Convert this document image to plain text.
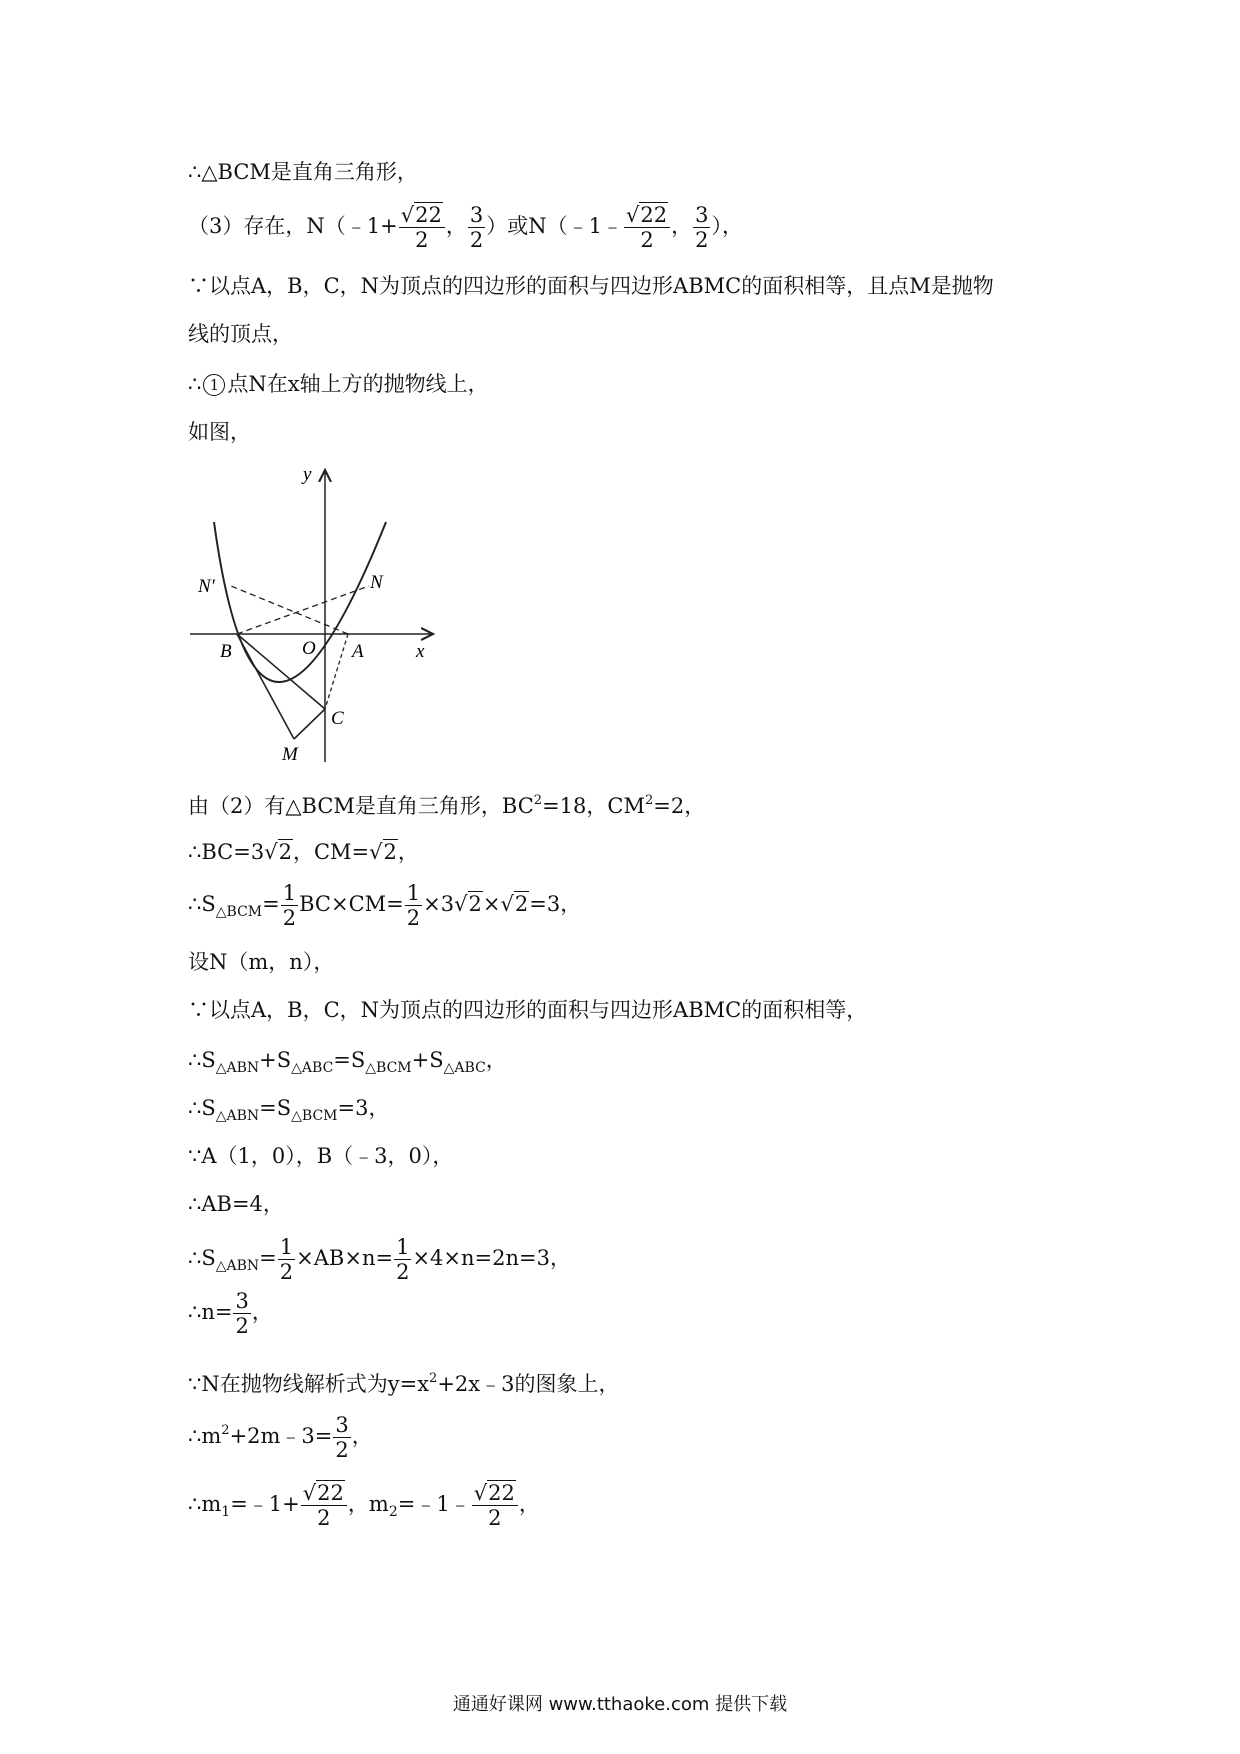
∴△BCM是直角三角形，
（3）存在，N（﹣1+ $\frac{√22}{2}$ ， $\frac{3}{2}$ ）或N（﹣1﹣ $\frac{√22}{2}$ ， $\frac{3}{2}$ ），
∵以点A，B，C，N为顶点的四边形的面积与四边形ABMC的面积相等，且点M是抛物
线的顶点，
∴ 1 点N在x轴上方的抛物线上，
如图，
y
x
N′	N
B	O A
C
M
由（2）有△BCM是直角三角形，$BC^2=18$，$CM^2=2$，
∴BC=3√2，CM=√2，
$\therefore S_{\triangle BCM}= \frac{1}{2} BC\times CM= \frac{1}{2} \times 3√2\times√2=3$，
设N（m，n），
∵以点A，B，C，N为顶点的四边形的面积与四边形ABMC的面积相等，
$\therefore S_{\triangle ABN}+S_{\triangle ABC}=S_{\triangle BCM}+S_{\triangle ABC}$，
$\therefore S_{\triangle ABN}=S_{\triangle BCM}=3$，
∵A（1，0），B（﹣3，0），
∴AB=4，
$\therefore S_{\triangle ABN}= \frac{1}{2} \times AB\times n= \frac{1}{2} \times 4\times n=2n=3$，
∴n= $\frac{3}{2}$ ，
∵N在抛物线解析式为$y=x^2+2x﹣3$的图象上，
$\therefore m^2+2m﹣3= \frac{3}{2}$ ，
$\therefore m_1=﹣1+ \frac{√22}{2}$ ，$m_2=﹣1﹣ \frac{√22}{2}$ ，
通通好课网 www.tthaoke.com 提供下载
